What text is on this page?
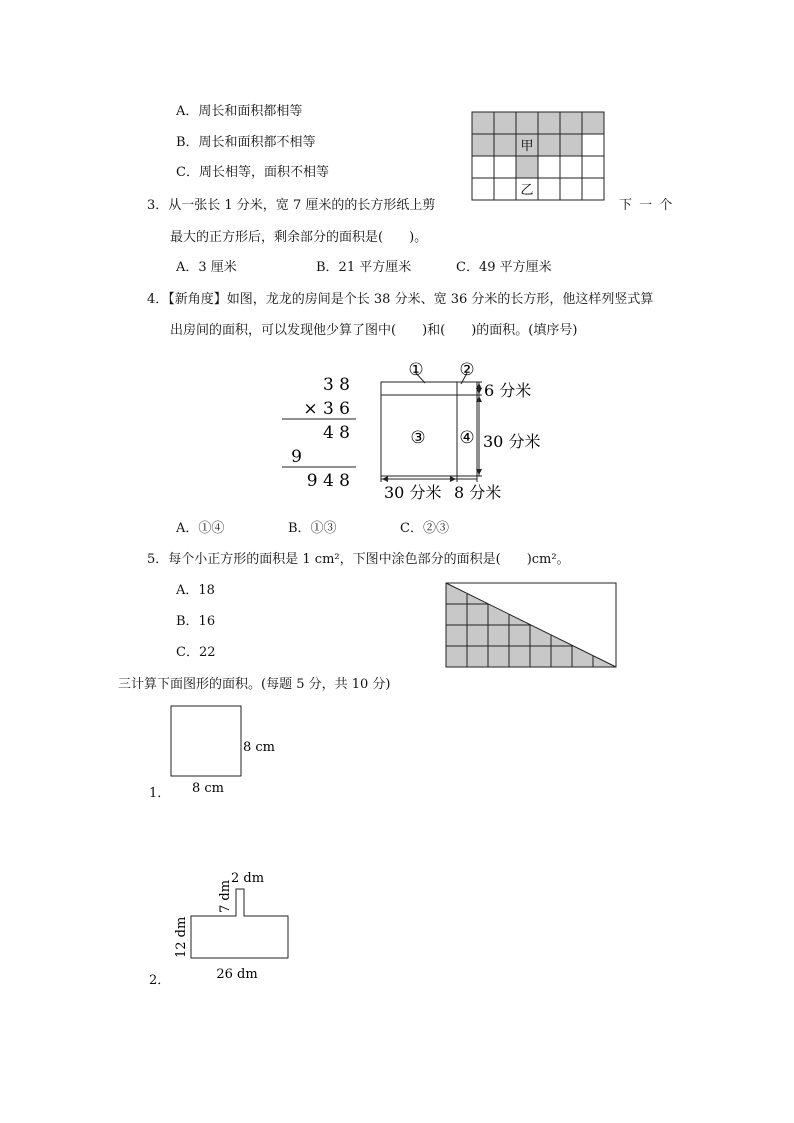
A．周长和面积都相等
B．周长和面积都不相等
C．周长相等，面积不相等
甲
乙
3．从一张长 1 分米，宽 7 厘米的的长方形纸上剪	下 一 个
最大的正方形后，剩余部分的面积是(　　)。
A．3 厘米	B．21 平方厘米	C．49 平方厘米
4．【新角度】如图，龙龙的房间是个长 38 分米、宽 36 分米的长方形，他这样列竖式算
出房间的面积，可以发现他少算了图中(　　)和(　　)的面积。(填序号)
3 8
× 3 6
4 8
9
9 4 8
① ②
③ ④
6 分米
30 分米
30 分米 8 分米
A．①④	B．①③	C．②③
5．每个小正方形的面积是 1 cm²，下图中涂色部分的面积是(　　)cm²。
A．18
B．16
C．22
三计算下面图形的面积。(每题 5 分，共 10 分)
8 cm
8 cm
1．
2 dm
7 dm
12 dm
26 dm
2．
